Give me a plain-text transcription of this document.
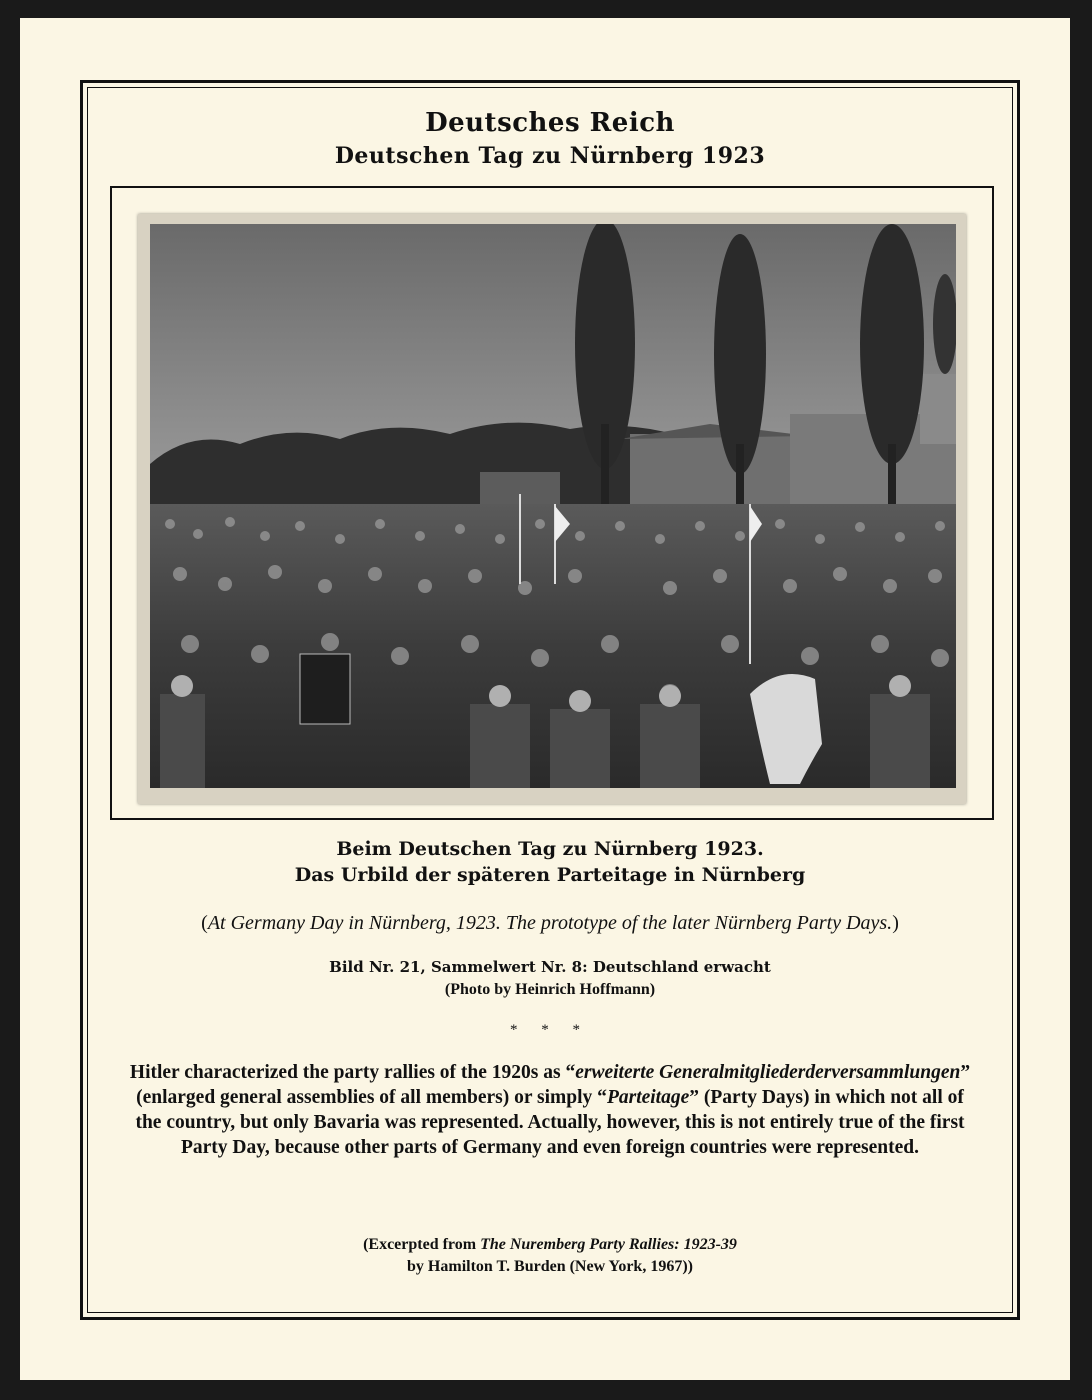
Deutsches Reich
Deutschen Tag zu Nürnberg 1923
Beim Deutschen Tag zu Nürnberg 1923.
Das Urbild der späteren Parteitage in Nürnberg
(At Germany Day in Nürnberg, 1923. The prototype of the later Nürnberg Party Days.)
Bild Nr. 21, Sammelwert Nr. 8: Deutschland erwacht
(Photo by Heinrich Hoffmann)
* * *
Hitler characterized the party rallies of the 1920s as “erweiterte Generalmitgliederderversammlungen” (enlarged general assemblies of all members) or simply “Parteitage” (Party Days) in which not all of the country, but only Bavaria was represented. Actually, however, this is not entirely true of the first Party Day, because other parts of Germany and even foreign countries were represented.
(Excerpted from The Nuremberg Party Rallies: 1923-39
by Hamilton T. Burden (New York, 1967))
